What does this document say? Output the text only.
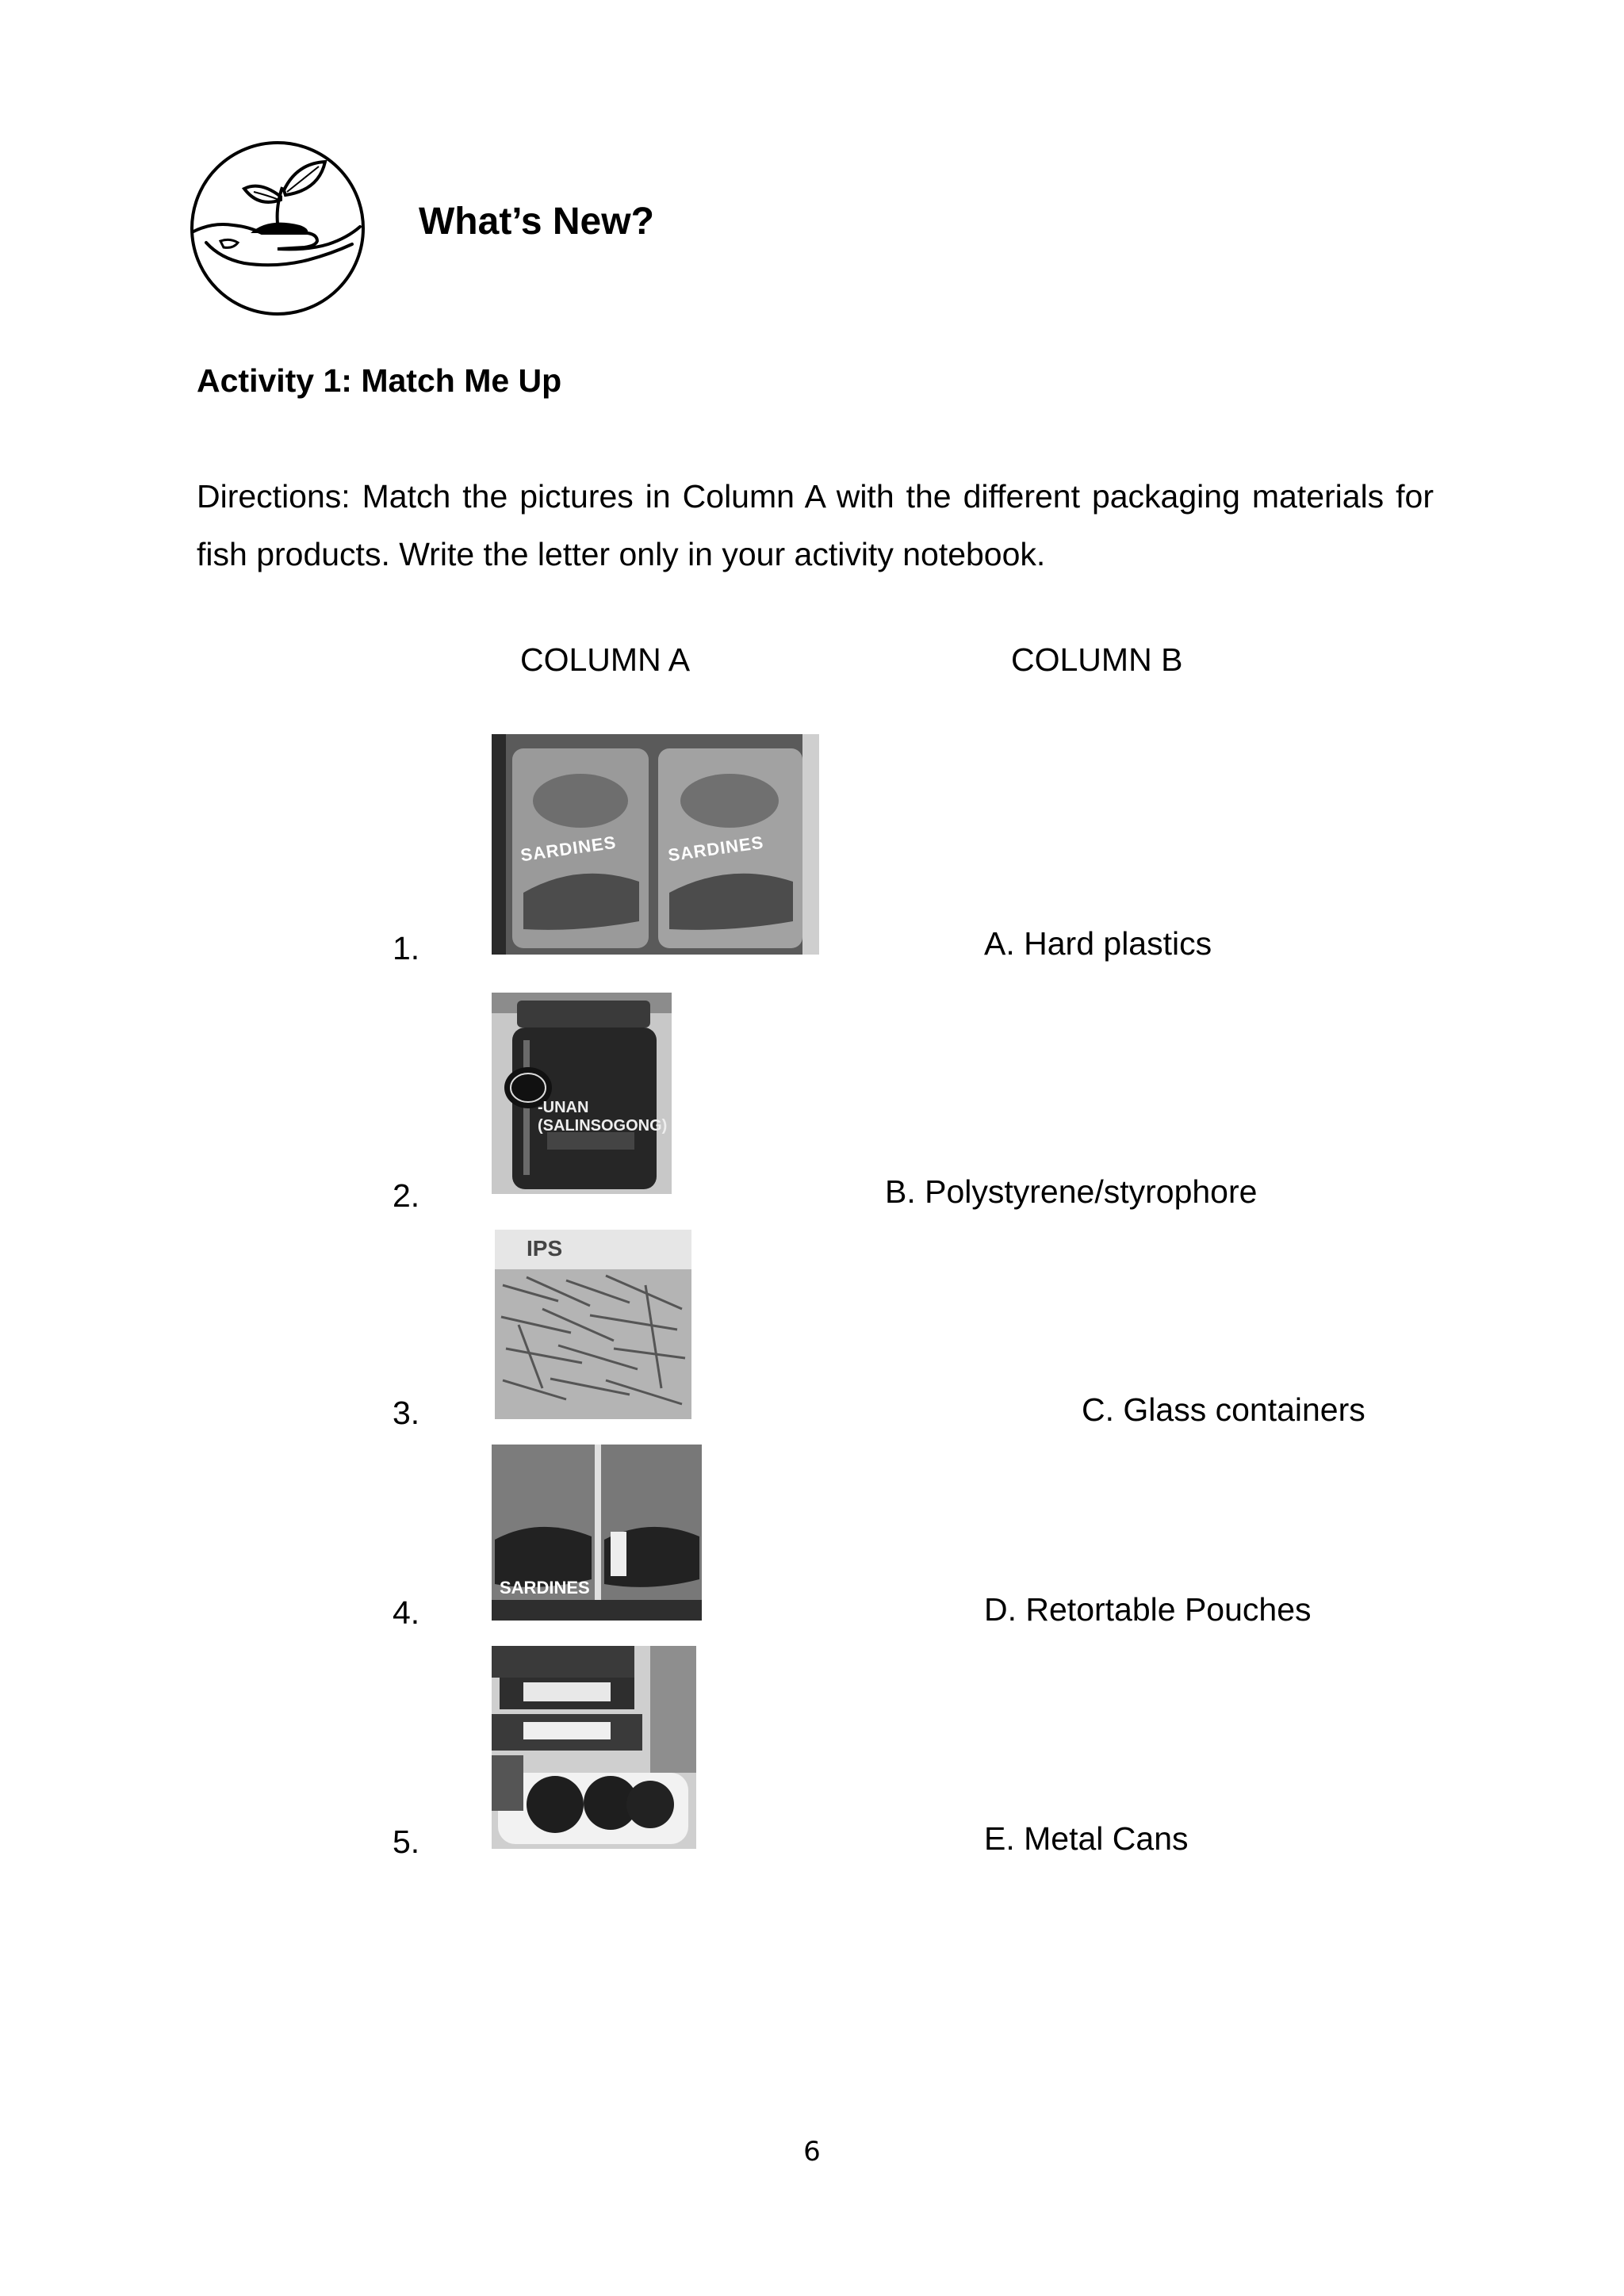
What’s New?
Activity 1: Match Me Up
Directions: Match the pictures in Column A with the different packaging materials for fish products. Write the letter only in your activity notebook.
COLUMN A	COLUMN B
1.
2.
3.
4.
5.
SARDINES	SARDINES
-UNAN (SALINSOGONG)
IPS
SARDINES
A. Hard plastics
B. Polystyrene/styrophore
C. Glass containers
D. Retortable Pouches
E. Metal Cans
6
